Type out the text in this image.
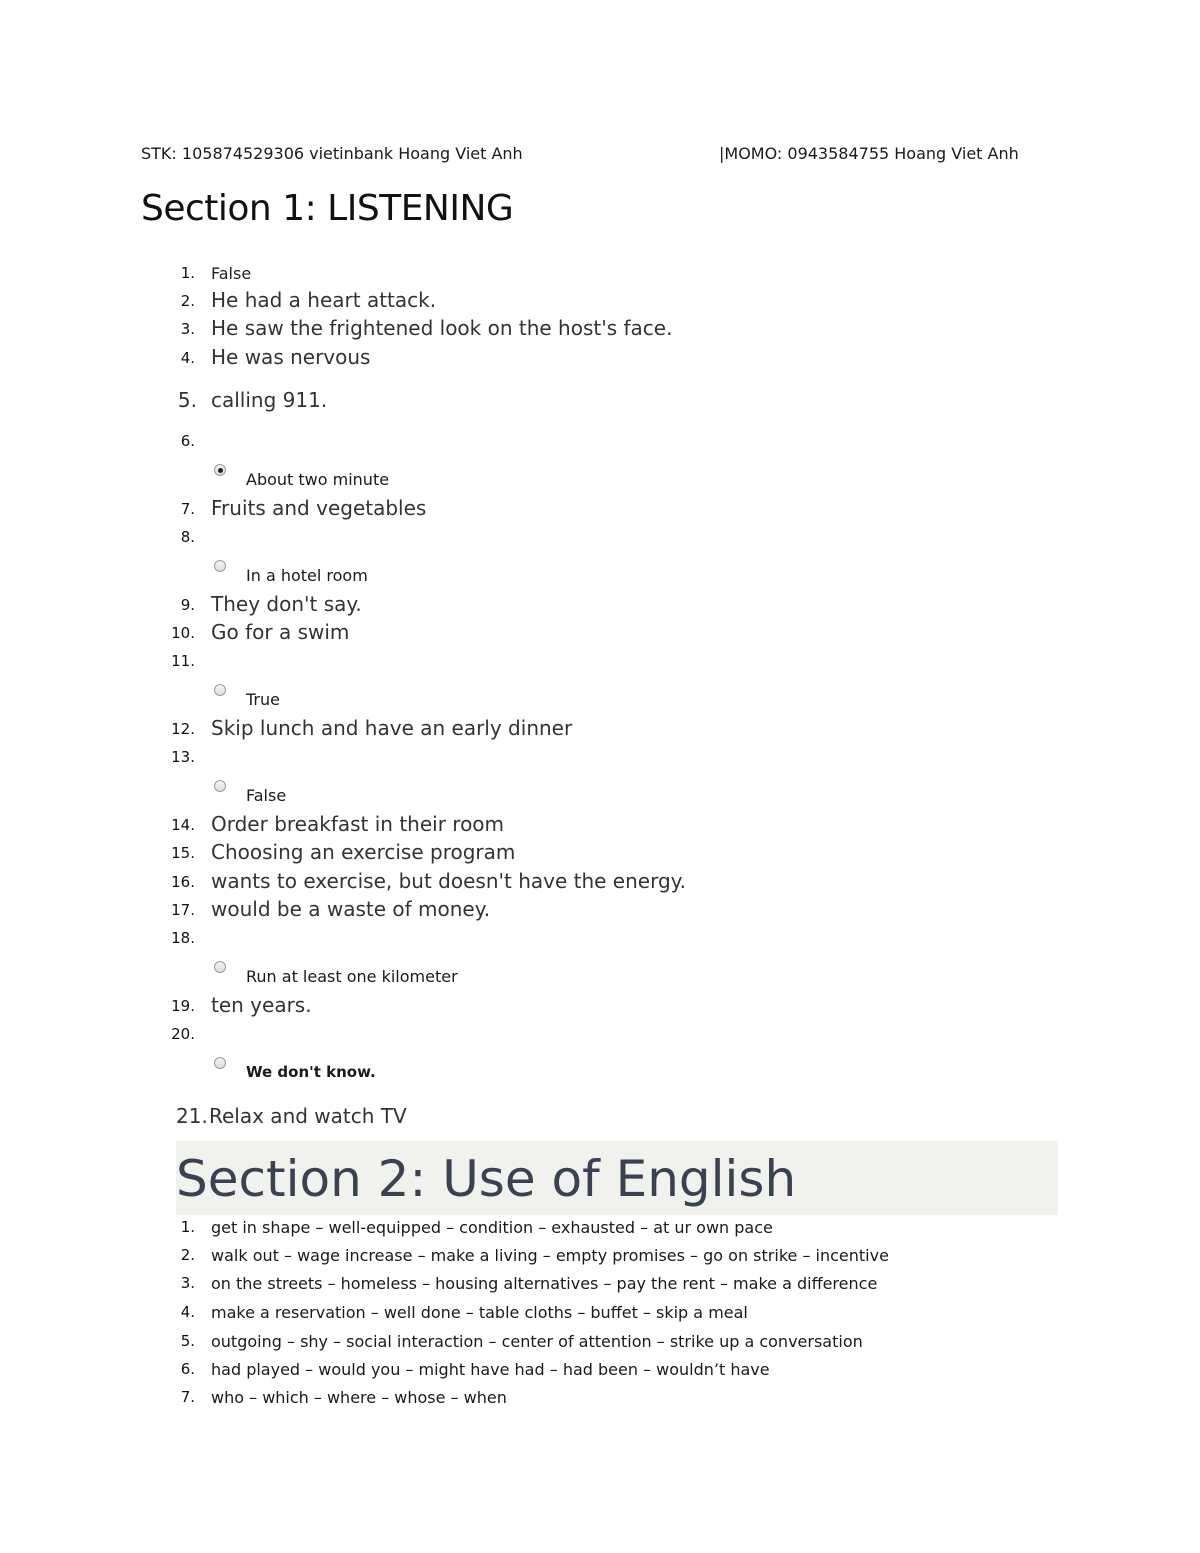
STK: 105874529306 vietinbank Hoang Viet Anh	|MOMO: 0943584755 Hoang Viet Anh
Section 1: LISTENING
1. False
2. He had a heart attack.
3. He saw the frightened look on the host's face.
4. He was nervous
5. calling 911.
6.
About two minute
7. Fruits and vegetables
8.
In a hotel room
9. They don't say.
10. Go for a swim
11.
True
12. Skip lunch and have an early dinner
13.
False
14. Order breakfast in their room
15. Choosing an exercise program
16. wants to exercise, but doesn't have the energy.
17. would be a waste of money.
18.
Run at least one kilometer
19. ten years.
20.
We don't know.
21. Relax and watch TV
Section 2: Use of English
1. get in shape – well-equipped – condition – exhausted – at ur own pace
2. walk out – wage increase – make a living – empty promises – go on strike – incentive
3. on the streets – homeless – housing alternatives – pay the rent – make a difference
4. make a reservation – well done – table cloths – buffet – skip a meal
5. outgoing – shy – social interaction – center of attention – strike up a conversation
6. had played – would you – might have had – had been – wouldn’t have
7. who – which – where – whose – when
